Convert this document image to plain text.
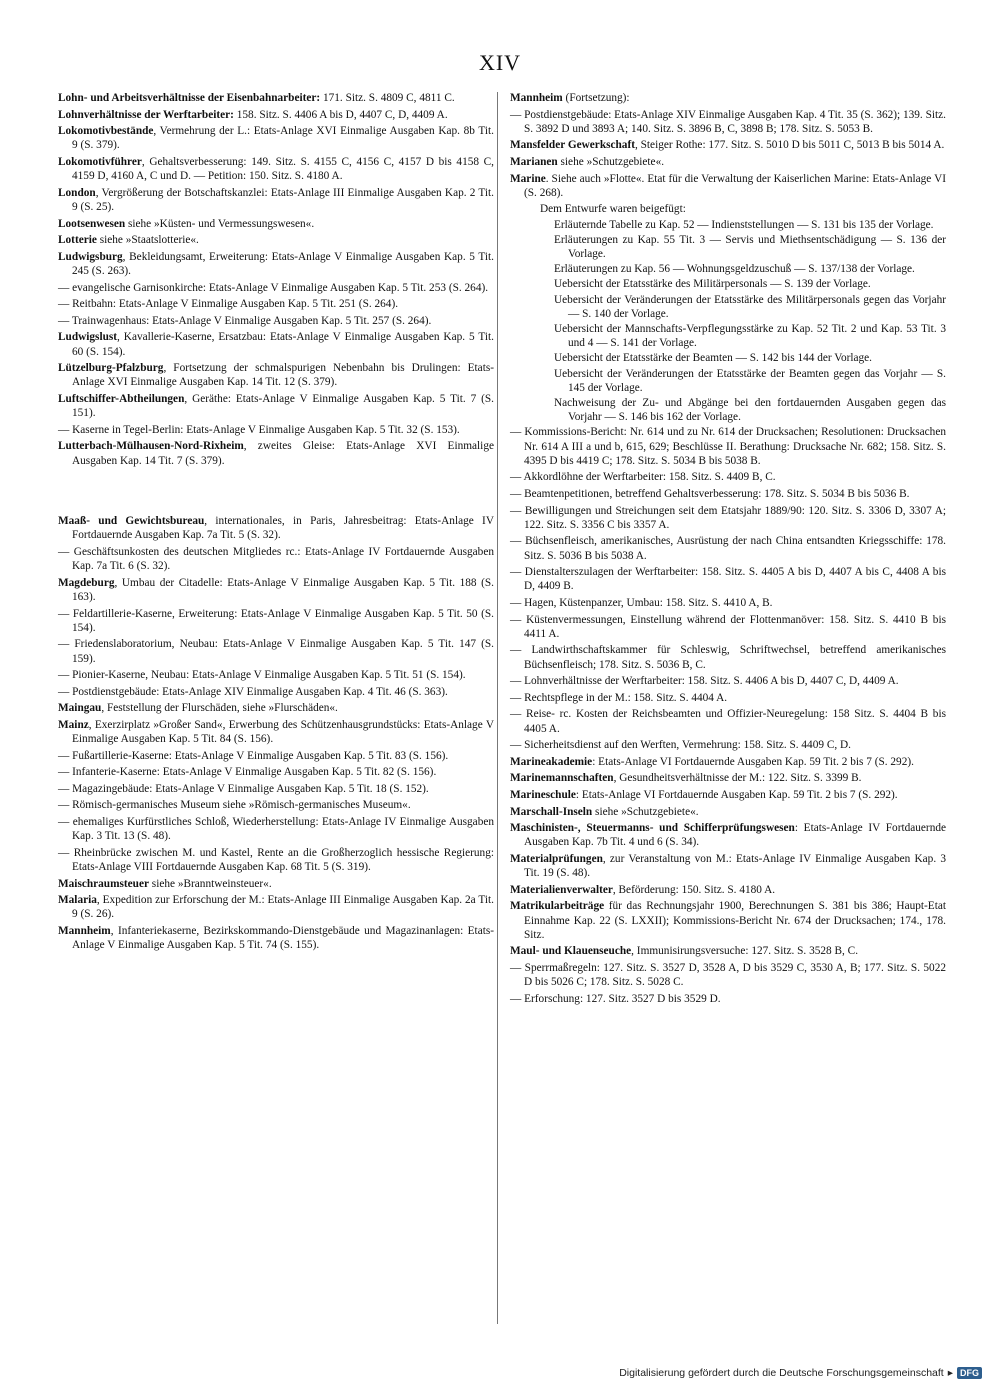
XIV

Lohn- und Arbeitsverhältnisse der Eisenbahnarbeiter: 171. Sitz. S. 4809 C, 4811 C.

Lohnverhältnisse der Werftarbeiter: 158. Sitz. S. 4406 A bis D, 4407 C, D, 4409 A.

Lokomotivbestände, Vermehrung der L.: Etats-Anlage XVI Einmalige Ausgaben Kap. 8b Tit. 9 (S. 379).

Lokomotivführer, Gehaltsverbesserung: 149. Sitz. S. 4155 C, 4156 C, 4157 D bis 4158 C, 4159 D, 4160 A, C und D. — Petition: 150. Sitz. S. 4180 A.

London, Vergrößerung der Botschaftskanzlei: Etats-Anlage III Einmalige Ausgaben Kap. 2 Tit. 9 (S. 25).

Lootsenwesen siehe »Küsten- und Vermessungswesen«.

Lotterie siehe »Staatslotterie«.

Ludwigsburg, Bekleidungsamt, Erweiterung: Etats-Anlage V Einmalige Ausgaben Kap. 5 Tit. 245 (S. 263).

— evangelische Garnisonkirche: Etats-Anlage V Einmalige Ausgaben Kap. 5 Tit. 253 (S. 264).

— Reitbahn: Etats-Anlage V Einmalige Ausgaben Kap. 5 Tit. 251 (S. 264).

— Trainwagenhaus: Etats-Anlage V Einmalige Ausgaben Kap. 5 Tit. 257 (S. 264).

Ludwigslust, Kavallerie-Kaserne, Ersatzbau: Etats-Anlage V Einmalige Ausgaben Kap. 5 Tit. 60 (S. 154).

Lützelburg-Pfalzburg, Fortsetzung der schmalspurigen Nebenbahn bis Drulingen: Etats-Anlage XVI Einmalige Ausgaben Kap. 14 Tit. 12 (S. 379).

Luftschiffer-Abtheilungen, Geräthe: Etats-Anlage V Einmalige Ausgaben Kap. 5 Tit. 7 (S. 151).

— Kaserne in Tegel-Berlin: Etats-Anlage V Einmalige Ausgaben Kap. 5 Tit. 32 (S. 153).

Lutterbach-Mülhausen-Nord-Rixheim, zweites Gleise: Etats-Anlage XVI Einmalige Ausgaben Kap. 14 Tit. 7 (S. 379).

Maaß- und Gewichtsbureau, internationales, in Paris, Jahresbeitrag: Etats-Anlage IV Fortdauernde Ausgaben Kap. 7a Tit. 5 (S. 32).

— Geschäftsunkosten des deutschen Mitgliedes rc.: Etats-Anlage IV Fortdauernde Ausgaben Kap. 7a Tit. 6 (S. 32).

Magdeburg, Umbau der Citadelle: Etats-Anlage V Einmalige Ausgaben Kap. 5 Tit. 188 (S. 163).

— Feldartillerie-Kaserne, Erweiterung: Etats-Anlage V Einmalige Ausgaben Kap. 5 Tit. 50 (S. 154).

— Friedenslaboratorium, Neubau: Etats-Anlage V Einmalige Ausgaben Kap. 5 Tit. 147 (S. 159).

— Pionier-Kaserne, Neubau: Etats-Anlage V Einmalige Ausgaben Kap. 5 Tit. 51 (S. 154).

— Postdienstgebäude: Etats-Anlage XIV Einmalige Ausgaben Kap. 4 Tit. 46 (S. 363).

Maingau, Feststellung der Flurschäden, siehe »Flurschäden«.

Mainz, Exerzirplatz »Großer Sand«, Erwerbung des Schützenhausgrundstücks: Etats-Anlage V Einmalige Ausgaben Kap. 5 Tit. 84 (S. 156).

— Fußartillerie-Kaserne: Etats-Anlage V Einmalige Ausgaben Kap. 5 Tit. 83 (S. 156).

— Infanterie-Kaserne: Etats-Anlage V Einmalige Ausgaben Kap. 5 Tit. 82 (S. 156).

— Magazingebäude: Etats-Anlage V Einmalige Ausgaben Kap. 5 Tit. 18 (S. 152).

— Römisch-germanisches Museum siehe »Römisch-germanisches Museum«.

— ehemaliges Kurfürstliches Schloß, Wiederherstellung: Etats-Anlage IV Einmalige Ausgaben Kap. 3 Tit. 13 (S. 48).

— Rheinbrücke zwischen M. und Kastel, Rente an die Großherzoglich hessische Regierung: Etats-Anlage VIII Fortdauernde Ausgaben Kap. 68 Tit. 5 (S. 319).

Maischraumsteuer siehe »Branntweinsteuer«.

Malaria, Expedition zur Erforschung der M.: Etats-Anlage III Einmalige Ausgaben Kap. 2a Tit. 9 (S. 26).

Mannheim, Infanteriekaserne, Bezirkskommando-Dienstgebäude und Magazinanlagen: Etats-Anlage V Einmalige Ausgaben Kap. 5 Tit. 74 (S. 155).

Mannheim (Fortsetzung):

— Postdienstgebäude: Etats-Anlage XIV Einmalige Ausgaben Kap. 4 Tit. 35 (S. 362); 139. Sitz. S. 3892 D und 3893 A; 140. Sitz. S. 3896 B, C, 3898 B; 178. Sitz. S. 5053 B.

Mansfelder Gewerkschaft, Steiger Rothe: 177. Sitz. S. 5010 D bis 5011 C, 5013 B bis 5014 A.

Marianen siehe »Schutzgebiete«.

Marine. Siehe auch »Flotte«. Etat für die Verwaltung der Kaiserlichen Marine: Etats-Anlage VI (S. 268).

Dem Entwurfe waren beigefügt:

Erläuternde Tabelle zu Kap. 52 — Indienststellungen — S. 131 bis 135 der Vorlage.

Erläuterungen zu Kap. 55 Tit. 3 — Servis und Miethsentschädigung — S. 136 der Vorlage.

Erläuterungen zu Kap. 56 — Wohnungsgeldzuschuß — S. 137/138 der Vorlage.

Uebersicht der Etatsstärke des Militärpersonals — S. 139 der Vorlage.

Uebersicht der Veränderungen der Etatsstärke des Militärpersonals gegen das Vorjahr — S. 140 der Vorlage.

Uebersicht der Mannschafts-Verpflegungsstärke zu Kap. 52 Tit. 2 und Kap. 53 Tit. 3 und 4 — S. 141 der Vorlage.

Uebersicht der Etatsstärke der Beamten — S. 142 bis 144 der Vorlage.

Uebersicht der Veränderungen der Etatsstärke der Beamten gegen das Vorjahr — S. 145 der Vorlage.

Nachweisung der Zu- und Abgänge bei den fortdauernden Ausgaben gegen das Vorjahr — S. 146 bis 162 der Vorlage.

— Kommissions-Bericht: Nr. 614 und zu Nr. 614 der Drucksachen; Resolutionen: Drucksachen Nr. 614 A III a und b, 615, 629; Beschlüsse II. Berathung: Drucksache Nr. 682; 158. Sitz. S. 4395 D bis 4419 C; 178. Sitz. S. 5034 B bis 5038 B.

— Akkordlöhne der Werftarbeiter: 158. Sitz. S. 4409 B, C.

— Beamtenpetitionen, betreffend Gehaltsverbesserung: 178. Sitz. S. 5034 B bis 5036 B.

— Bewilligungen und Streichungen seit dem Etatsjahr 1889/90: 120. Sitz. S. 3306 D, 3307 A; 122. Sitz. S. 3356 C bis 3357 A.

— Büchsenfleisch, amerikanisches, Ausrüstung der nach China entsandten Kriegsschiffe: 178. Sitz. S. 5036 B bis 5038 A.

— Dienstalterszulagen der Werftarbeiter: 158. Sitz. S. 4405 A bis D, 4407 A bis C, 4408 A bis D, 4409 B.

— Hagen, Küstenpanzer, Umbau: 158. Sitz. S. 4410 A, B.

— Küstenvermessungen, Einstellung während der Flottenmanöver: 158. Sitz. S. 4410 B bis 4411 A.

— Landwirthschaftskammer für Schleswig, Schriftwechsel, betreffend amerikanisches Büchsenfleisch; 178. Sitz. S. 5036 B, C.

— Lohnverhältnisse der Werftarbeiter: 158. Sitz. S. 4406 A bis D, 4407 C, D, 4409 A.

— Rechtspflege in der M.: 158. Sitz. S. 4404 A.

— Reise- rc. Kosten der Reichsbeamten und Offizier-Neuregelung: 158 Sitz. S. 4404 B bis 4405 A.

— Sicherheitsdienst auf den Werften, Vermehrung: 158. Sitz. S. 4409 C, D.

Marineakademie: Etats-Anlage VI Fortdauernde Ausgaben Kap. 59 Tit. 2 bis 7 (S. 292).

Marinemannschaften, Gesundheitsverhältnisse der M.: 122. Sitz. S. 3399 B.

Marineschule: Etats-Anlage VI Fortdauernde Ausgaben Kap. 59 Tit. 2 bis 7 (S. 292).

Marschall-Inseln siehe »Schutzgebiete«.

Maschinisten-, Steuermanns- und Schifferprüfungswesen: Etats-Anlage IV Fortdauernde Ausgaben Kap. 7b Tit. 4 und 6 (S. 34).

Materialprüfungen, zur Veranstaltung von M.: Etats-Anlage IV Einmalige Ausgaben Kap. 3 Tit. 19 (S. 48).

Materialienverwalter, Beförderung: 150. Sitz. S. 4180 A.

Matrikularbeiträge für das Rechnungsjahr 1900, Berechnungen S. 381 bis 386; Haupt-Etat Einnahme Kap. 22 (S. LXXII); Kommissions-Bericht Nr. 674 der Drucksachen; 174., 178. Sitz.

Maul- und Klauenseuche, Immunisirungsversuche: 127. Sitz. S. 3528 B, C.

— Sperrmaßregeln: 127. Sitz. S. 3527 D, 3528 A, D bis 3529 C, 3530 A, B; 177. Sitz. S. 5022 D bis 5026 C; 178. Sitz. S. 5028 C.

— Erforschung: 127. Sitz. 3527 D bis 3529 D.

Digitalisierung gefördert durch die Deutsche Forschungsgemeinschaft ▸ DFG
